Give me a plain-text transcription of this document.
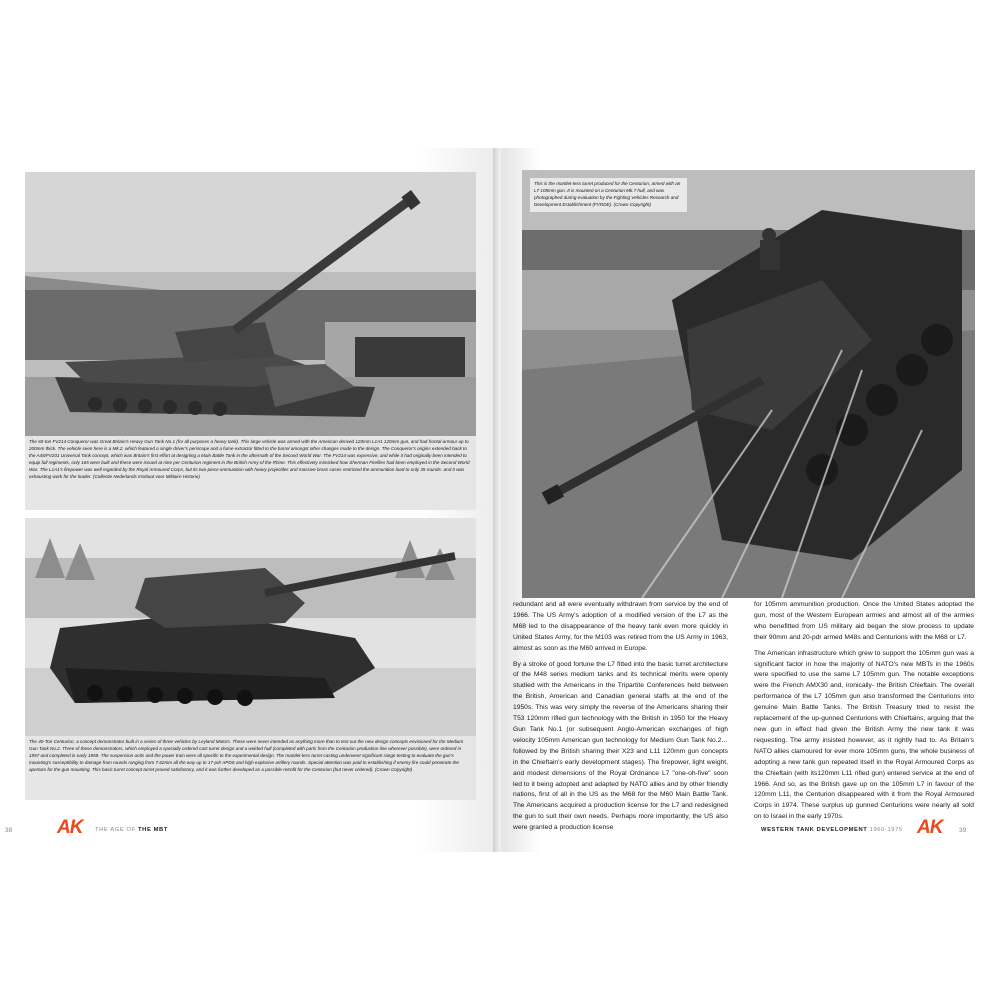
The 65-ton FV214 Conqueror was Great Britain's Heavy Gun Tank No.1 (for all purposes a heavy tank). This large vehicle was armed with the American derived 120mm L1A1 120mm gun, and had frontal armour up to 200mm thick. The vehicle seen here is a Mk.2, which featured a single driver's periscope and a fume extractor fitted to the barrel amongst other changes made to the design. The Conqueror's origins extended back to the A45/FV201 Universal Tank concept, which was Britain's first effort at designing a Main Battle Tank in the aftermath of the Second World War. The FV214 was expensive, and while it had originally been intended to equip full regiments, only 165 were built and these were issued at nine per Centurion regiment in the British Army of the Rhine. This effectively mimicked how Sherman Fireflies had been employed in the Second World War. The L1A1's firepower was well regarded by the Royal Armoured Corps, but its two-piece ammunition with heavy projectiles and massive brass cases restricted the ammunition load to only 35 rounds- and it was exhausting work for the loader. (Collectie Nederlands Instituut voor Militaire Historie)
The 40-Ton Centurion, a concept demonstrator built in a series of three vehicles by Leyland Motors. These were never intended as anything more than to test out the new design concepts envisioned for the Medium Gun Tank No.2. Three of these demonstrators, which employed a specially ordered cast turret design and a welded hull (completed with parts from the Centurion production line wherever possible), were ordered in 1957 and completed in early 1959. The suspension units and the power train were all specific to the experimental design. The mantlet-less turret casting underwent significant range testing to evaluate the gun's mounting's susceptibility to damage from rounds ranging from 7.62mm all the way up to 17-pdr APDS and high explosive artillery rounds. Special attention was paid to establishing if enemy fire could penetrate the aperture for the gun mounting. This basic turret concept turret proved satisfactory, and it was further developed as a possible retrofit for the Centurion (but never ordered). (Crown Copyright)
38 AK THE AGE OF THE MBT
This is the mantlet-less turret produced for the Centurion, armed with an L7 105mm gun. It is mounted on a Centurion Mk.7 hull, and was photographed during evaluation by the Fighting Vehicles Research and Development Establishment (FVRDE). (Crown Copyright)

redundant and all were eventually withdrawn from service by the end of 1966. The US Army's adoption of a modified version of the L7 as the M68 led to the disappearance of the heavy tank even more quickly in United States Army, for the M103 was retired from the US Army in 1963, almost as soon as the M60 arrived in Europe.

By a stroke of good fortune the L7 fitted into the basic turret architecture of the M48 series medium tanks and its technical merits were openly studied with the Americans in the Tripartite Conferences held between the British, American and Canadian general staffs at the end of the 1950s. This was very simply the reverse of the Americans sharing their T53 120mm rifled gun technology with the British in 1950 for the Heavy Gun Tank No.1 (or subsequent Anglo-American exchanges of high velocity 105mm American gun technology for Medium Gun Tank No.2… followed by the British sharing their X23 and L11 120mm gun concepts in the Chieftain's early development stages). The firepower, light weight, and modest dimensions of the Royal Ordnance L7 "one-oh-five" soon led to it being adopted and adapted by NATO allies and by other friendly nations, first of all in the US as the M68 for the M60 Main Battle Tank. The Americans acquired a production license for the L7 and redesigned the gun to suit their own needs. Perhaps more importantly, the US also were granted a production license

for 105mm ammunition production. Once the United States adopted the gun, most of the Western European armies and almost all of the armies who benefitted from US military aid began the slow process to update their 90mm and 20-pdr armed M48s and Centurions with the M68 or L7.

The American infrastructure which grew to support the 105mm gun was a significant factor in how the majority of NATO's new MBTs in the 1960s were specified to use the same L7 105mm gun. The notable exceptions were the French AMX30 and, ironically- the British Chieftain. The overall performance of the L7 105mm gun also transformed the Centurions into genuine Main Battle Tanks. The British Treasury tried to resist the replacement of the up-gunned Centurions with Chieftains, arguing that the new gun in effect had given the British Army the new tank it was requesting. The army insisted however, as it rightly had to. As Britain's NATO allies clamoured for ever more 105mm guns, the whole business of adopting a new tank gun repeated itself in the Royal Armoured Corps as the Chieftain (with its120mm L11 rifled gun) entered service at the end of 1966. And so, as the British gave up on the 105mm L7 in favour of the 120mm L11, the Centurion disappeared with it from the Royal Armoured Corps in 1974. These surplus up gunned Centurions were nearly all sold on to Israel in the early 1970s.

WESTERN TANK DEVELOPMENT 1960-1975 AK	39
